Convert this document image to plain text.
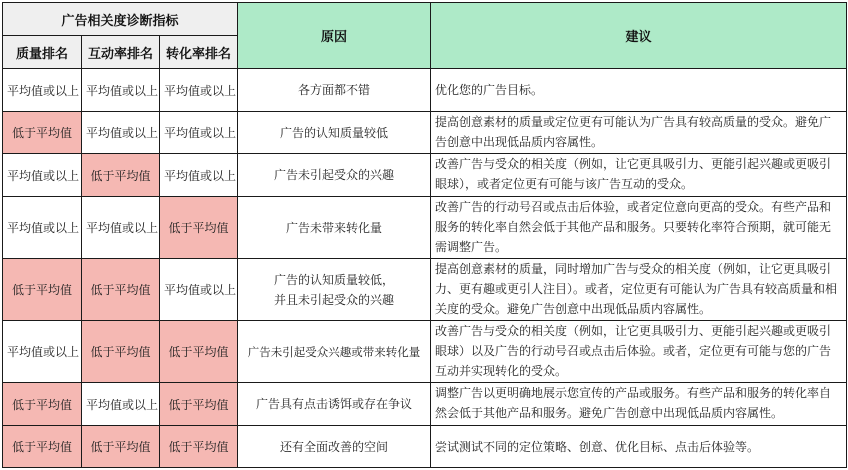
广告相关度诊断指标			原因	建议
质量排名	互动率排名	转化率排名		
平均值或以上	平均值或以上	平均值或以上	各方面都不错	优化您的广告目标。
低于平均值	平均值或以上	平均值或以上	广告的认知质量较低	提高创意素材的质量或定位更有可能认为广告具有较高质量的受众。避免广告创意中出现低品质内容属性。
平均值或以上	低于平均值	平均值或以上	广告未引起受众的兴趣	改善广告与受众的相关度（例如，让它更具吸引力、更能引起兴趣或更吸引眼球），或者定位更有可能与该广告互动的受众。
平均值或以上	平均值或以上	低于平均值	广告未带来转化量	改善广告的行动号召或点击后体验，或者定位意向更高的受众。有些产品和服务的转化率自然会低于其他产品和服务。只要转化率符合预期，就可能无需调整广告。
低于平均值	低于平均值	平均值或以上	广告的认知质量较低，
并且未引起受众的兴趣	提高创意素材的质量，同时增加广告与受众的相关度（例如，让它更具吸引力、更有趣或更引人注目）。或者，定位更有可能认为广告具有较高质量和相关度的受众。避免广告创意中出现低品质内容属性。
平均值或以上	低于平均值	低于平均值	广告未引起受众兴趣或带来转化量	改善广告与受众的相关度（例如，让它更具吸引力、更能引起兴趣或更吸引眼球）以及广告的行动号召或点击后体验。或者，定位更有可能与您的广告互动并实现转化的受众。
低于平均值	平均值或以上	低于平均值	广告具有点击诱饵或存在争议	调整广告以更明确地展示您宣传的产品或服务。有些产品和服务的转化率自然会低于其他产品和服务。避免广告创意中出现低品质内容属性。
低于平均值	低于平均值	低于平均值	还有全面改善的空间	尝试测试不同的定位策略、创意、优化目标、点击后体验等。
